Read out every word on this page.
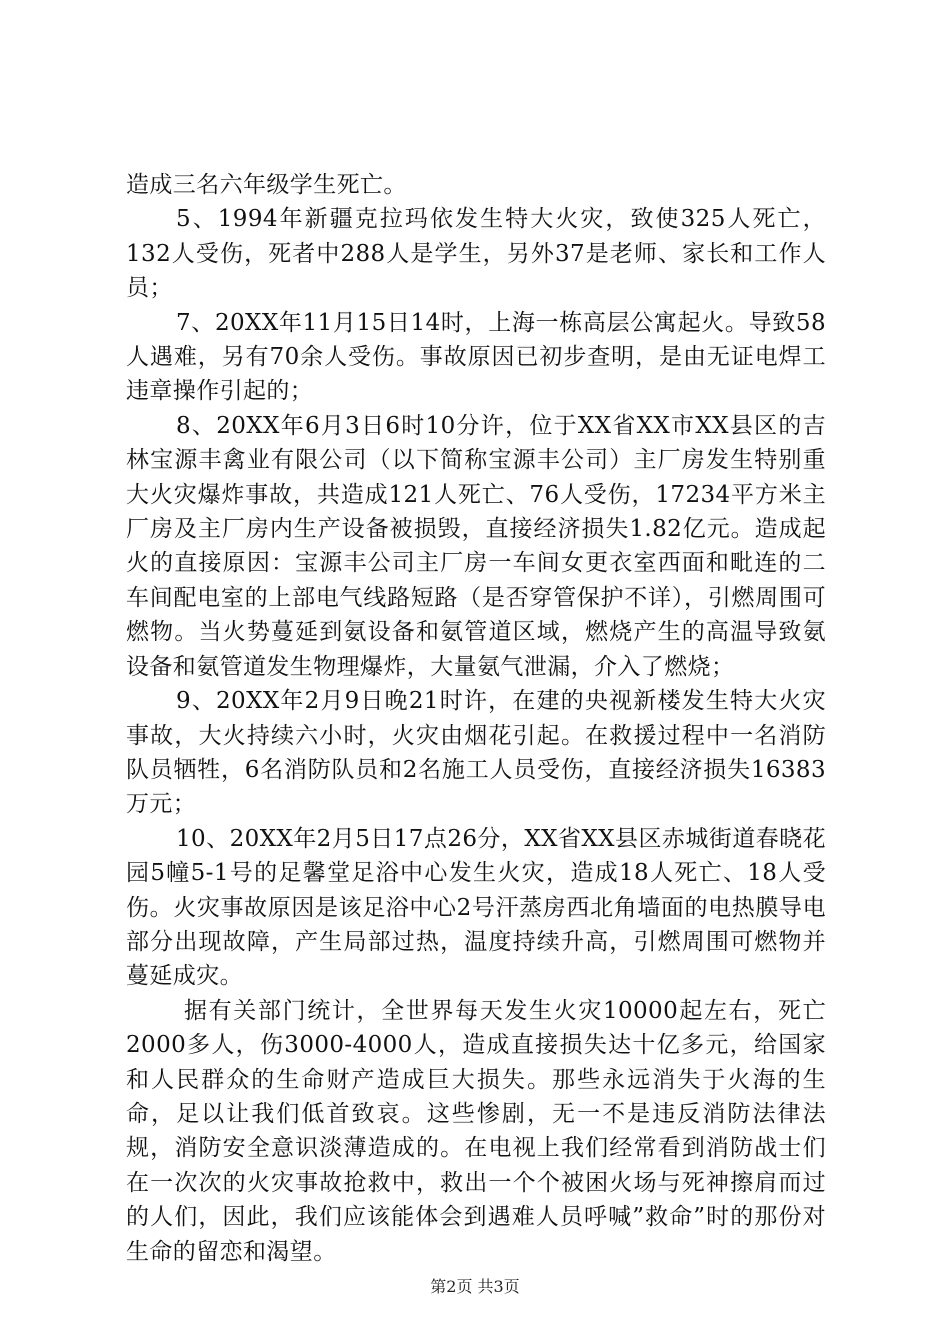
造成三名六年级学生死亡。

5、1994年新疆克拉玛依发生特大火灾，致使325人死亡，132人受伤，死者中288人是学生，另外37是老师、家长和工作人员；

7、20XX年11月15日14时，上海一栋高层公寓起火。导致58人遇难，另有70余人受伤。事故原因已初步查明，是由无证电焊工违章操作引起的；

8、20XX年6月3日6时10分许，位于XX省XX市XX县区的吉林宝源丰禽业有限公司（以下简称宝源丰公司）主厂房发生特别重大火灾爆炸事故，共造成121人死亡、76人受伤，17234平方米主厂房及主厂房内生产设备被损毁，直接经济损失1.82亿元。造成起火的直接原因：宝源丰公司主厂房一车间女更衣室西面和毗连的二车间配电室的上部电气线路短路（是否穿管保护不详），引燃周围可燃物。当火势蔓延到氨设备和氨管道区域，燃烧产生的高温导致氨设备和氨管道发生物理爆炸，大量氨气泄漏，介入了燃烧；

9、20XX年2月9日晚21时许，在建的央视新楼发生特大火灾事故，大火持续六小时，火灾由烟花引起。在救援过程中一名消防队员牺牲，6名消防队员和2名施工人员受伤，直接经济损失16383万元；

10、20XX年2月5日17点26分，XX省XX县区赤城街道春晓花园5幢5-1号的足馨堂足浴中心发生火灾，造成18人死亡、18人受伤。火灾事故原因是该足浴中心2号汗蒸房西北角墙面的电热膜导电部分出现故障，产生局部过热，温度持续升高，引燃周围可燃物并蔓延成灾。

据有关部门统计，全世界每天发生火灾10000起左右，死亡2000多人，伤3000-4000人，造成直接损失达十亿多元，给国家和人民群众的生命财产造成巨大损失。那些永远消失于火海的生命，足以让我们低首致哀。这些惨剧，无一不是违反消防法律法规，消防安全意识淡薄造成的。在电视上我们经常看到消防战士们在一次次的火灾事故抢救中，救出一个个被困火场与死神擦肩而过的人们，因此，我们应该能体会到遇难人员呼喊”救命”时的那份对生命的留恋和渴望。

第2页 共3页
